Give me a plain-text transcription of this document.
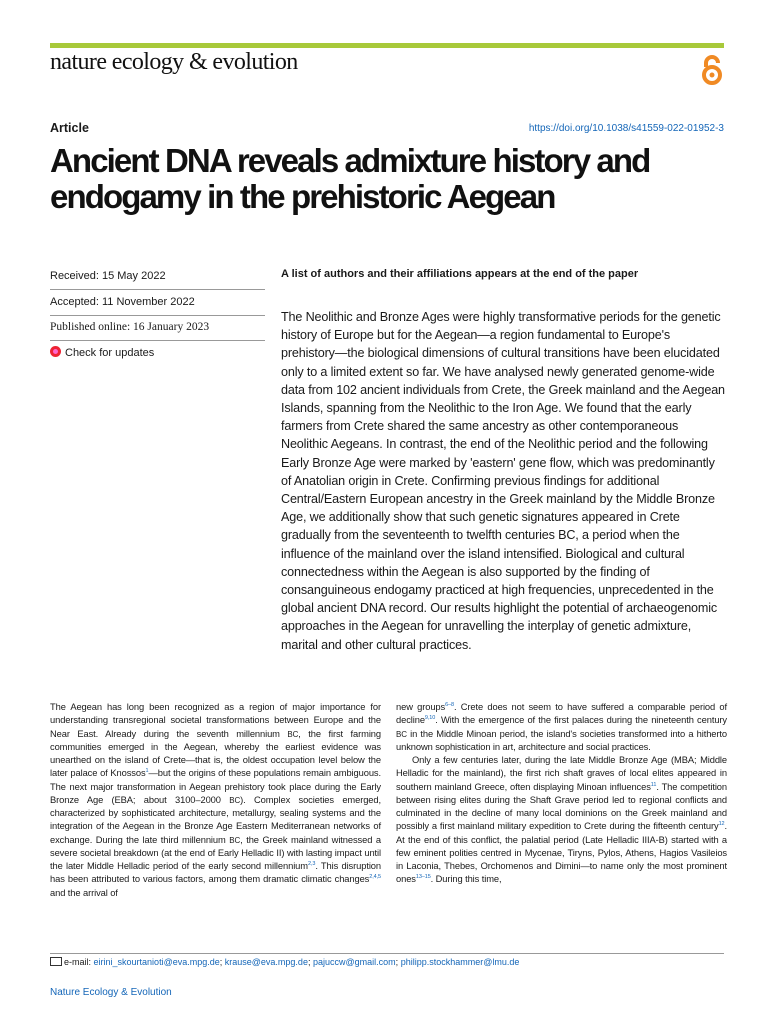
nature ecology & evolution
Article	https://doi.org/10.1038/s41559-022-01952-3
Ancient DNA reveals admixture history and endogamy in the prehistoric Aegean
Received: 15 May 2022
Accepted: 11 November 2022
Published online: 16 January 2023
Check for updates
A list of authors and their affiliations appears at the end of the paper

The Neolithic and Bronze Ages were highly transformative periods for the genetic history of Europe but for the Aegean—a region fundamental to Europe's prehistory—the biological dimensions of cultural transitions have been elucidated only to a limited extent so far. We have analysed newly generated genome-wide data from 102 ancient individuals from Crete, the Greek mainland and the Aegean Islands, spanning from the Neolithic to the Iron Age. We found that the early farmers from Crete shared the same ancestry as other contemporaneous Neolithic Aegeans. In contrast, the end of the Neolithic period and the following Early Bronze Age were marked by 'eastern' gene flow, which was predominantly of Anatolian origin in Crete. Confirming previous findings for additional Central/Eastern European ancestry in the Greek mainland by the Middle Bronze Age, we additionally show that such genetic signatures appeared in Crete gradually from the seventeenth to twelfth centuries BC, a period when the influence of the mainland over the island intensified. Biological and cultural connectedness within the Aegean is also supported by the finding of consanguineous endogamy practiced at high frequencies, unprecedented in the global ancient DNA record. Our results highlight the potential of archaeogenomic approaches in the Aegean for unravelling the interplay of genetic admixture, marital and other cultural practices.

The Aegean has long been recognized as a region of major importance for understanding transregional societal transformations between Europe and the Near East. Already during the seventh millennium BC, the first farming communities emerged in the Aegean, whereby the earliest evidence was unearthed on the island of Crete—that is, the oldest occupation level below the later palace of Knossos$^1$—but the origins of these populations remain ambiguous. The next major transformation in Aegean prehistory took place during the Early Bronze Age (EBA; about 3100–2000 BC). Complex societies emerged, characterized by sophisticated architecture, metallurgy, sealing systems and the integration of the Aegean in the Bronze Age Eastern Mediterranean networks of exchange. During the late third millennium BC, the Greek mainland witnessed a severe societal breakdown (at the end of Early Helladic II) with lasting impact until the later Middle Helladic period of the early second millennium$^{2,3}$. This disruption has been attributed to various factors, among them dramatic climatic changes$^{2,4,5}$ and the arrival of

new groups$^{6-8}$. Crete does not seem to have suffered a comparable period of decline$^{9,10}$. With the emergence of the first palaces during the nineteenth century BC in the Middle Minoan period, the island's societies transformed into a hitherto unknown sophistication in art, architecture and social practices.

Only a few centuries later, during the late Middle Bronze Age (MBA; Middle Helladic for the mainland), the first rich shaft graves of local elites appeared in southern mainland Greece, often displaying Minoan influences$^{11}$. The competition between rising elites during the Shaft Grave period led to regional conflicts and culminated in the decline of many local dominions on the Greek mainland and possibly a first mainland military expedition to Crete during the fifteenth century$^{12}$. At the end of this conflict, the palatial period (Late Helladic IIIA-B) started with a few eminent polities centred in Mycenae, Tiryns, Pylos, Athens, Hagios Vasileios in Laconia, Thebes, Orchomenos and Dimini—to name only the most prominent ones$^{13-15}$. During this time,

e-mail: eirini_skourtanioti@eva.mpg.de; krause@eva.mpg.de; pajuccw@gmail.com; philipp.stockhammer@lmu.de
Nature Ecology & Evolution
